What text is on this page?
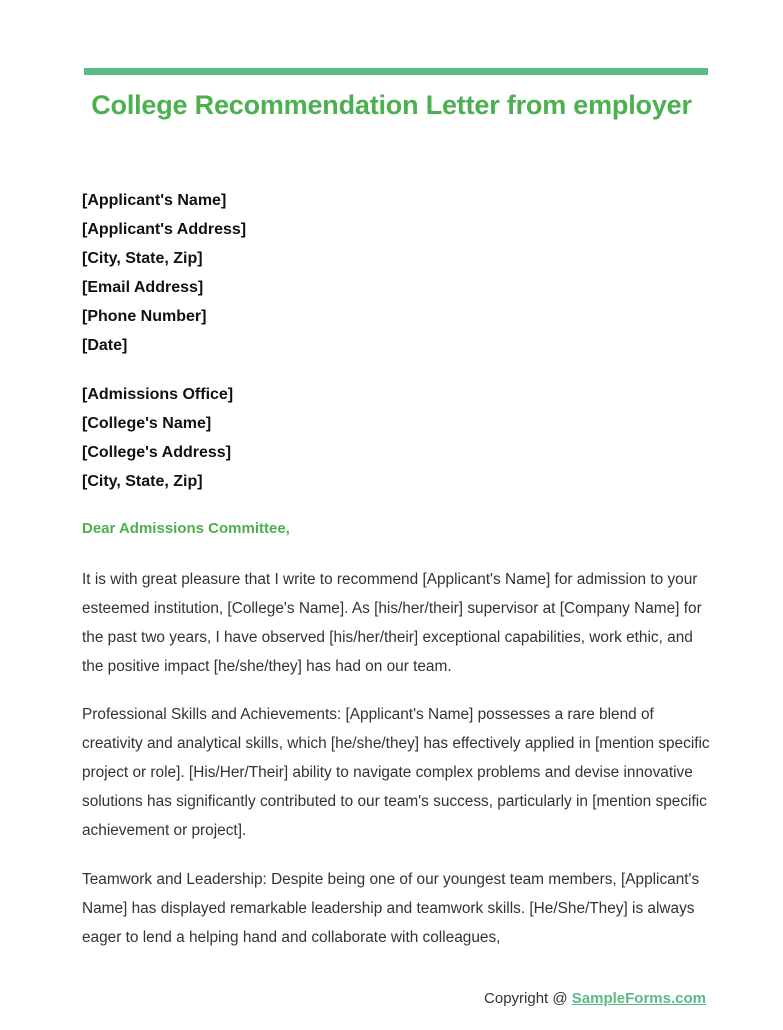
College Recommendation Letter from employer
[Applicant's Name]
[Applicant's Address]
[City, State, Zip]
[Email Address]
[Phone Number]
[Date]
[Admissions Office]
[College's Name]
[College's Address]
[City, State, Zip]
Dear Admissions Committee,
It is with great pleasure that I write to recommend [Applicant's Name] for admission to your esteemed institution, [College's Name]. As [his/her/their] supervisor at [Company Name] for the past two years, I have observed [his/her/their] exceptional capabilities, work ethic, and the positive impact [he/she/they] has had on our team.
Professional Skills and Achievements: [Applicant's Name] possesses a rare blend of creativity and analytical skills, which [he/she/they] has effectively applied in [mention specific project or role]. [His/Her/Their] ability to navigate complex problems and devise innovative solutions has significantly contributed to our team's success, particularly in [mention specific achievement or project].
Teamwork and Leadership: Despite being one of our youngest team members, [Applicant's Name] has displayed remarkable leadership and teamwork skills. [He/She/They] is always eager to lend a helping hand and collaborate with colleagues,
Copyright @ SampleForms.com
